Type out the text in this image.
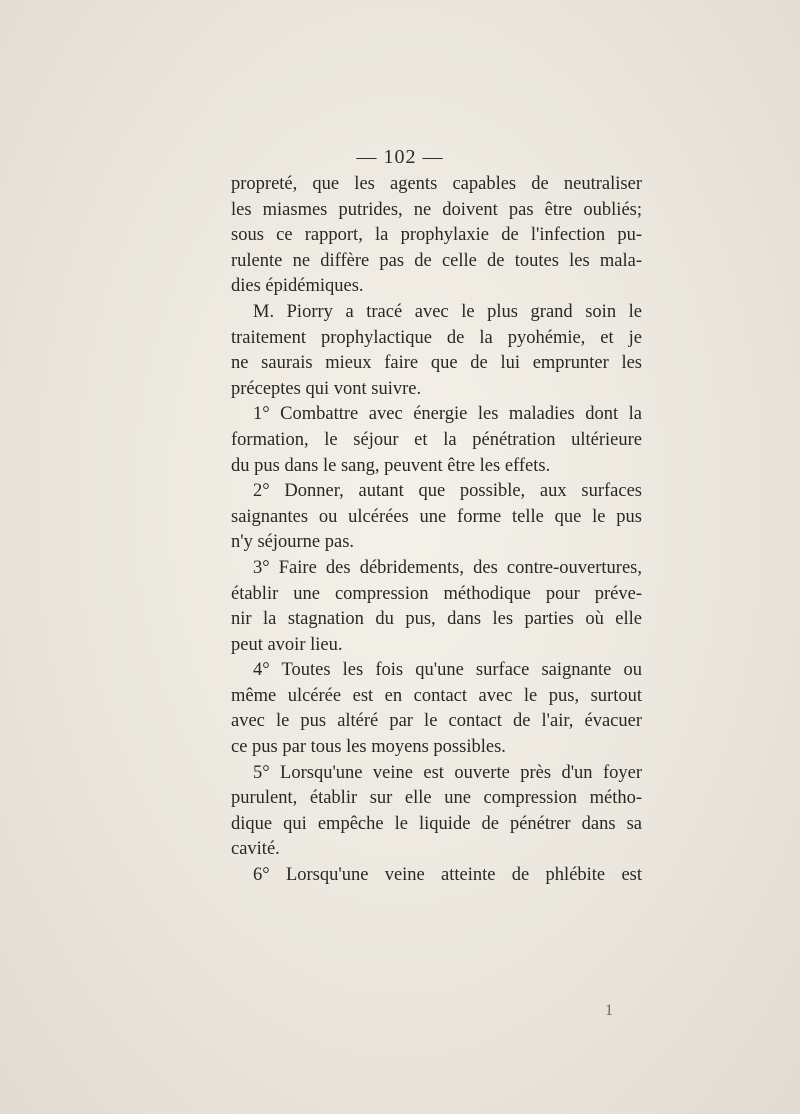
— 102 —
propreté, que les agents capables de neutraliser
les miasmes putrides, ne doivent pas être oubliés;
sous ce rapport, la prophylaxie de l'infection pu-
rulente ne diffère pas de celle de toutes les mala-
dies épidémiques.
M. Piorry a tracé avec le plus grand soin le
traitement prophylactique de la pyohémie, et je
ne saurais mieux faire que de lui emprunter les
préceptes qui vont suivre.
1° Combattre avec énergie les maladies dont la
formation, le séjour et la pénétration ultérieure
du pus dans le sang, peuvent être les effets.
2° Donner, autant que possible, aux surfaces
saignantes ou ulcérées une forme telle que le pus
n'y séjourne pas.
3° Faire des débridements, des contre-ouvertures,
établir une compression méthodique pour préve-
nir la stagnation du pus, dans les parties où elle
peut avoir lieu.
4° Toutes les fois qu'une surface saignante ou
même ulcérée est en contact avec le pus, surtout
avec le pus altéré par le contact de l'air, évacuer
ce pus par tous les moyens possibles.
5° Lorsqu'une veine est ouverte près d'un foyer
purulent, établir sur elle une compression métho-
dique qui empêche le liquide de pénétrer dans sa
cavité.
6° Lorsqu'une veine atteinte de phlébite est
1
